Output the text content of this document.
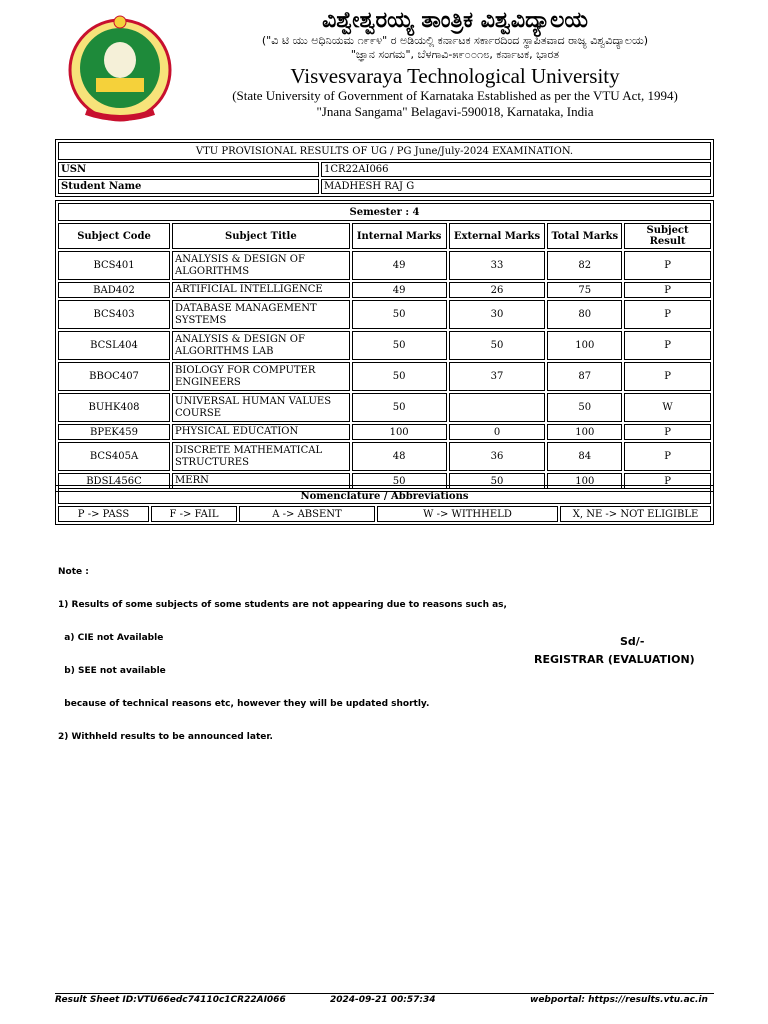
ವಿಶ್ವೇಶ್ವರಯ್ಯ ತಾಂತ್ರಿಕ ವಿಶ್ವವಿದ್ಯಾಲಯ
("ವಿ ಟಿ ಯು ಅಧಿನಿಯಮ ೧೯೯೪" ರ ಅಡಿಯಲ್ಲಿ ಕರ್ನಾಟಕ ಸರ್ಕಾರದಿಂದ ಸ್ಥಾಪಿತವಾದ ರಾಜ್ಯ ವಿಶ್ವವಿದ್ಯಾಲಯ)
"ಜ್ಞಾನ ಸಂಗಮ", ಬೆಳಗಾವಿ-೫೯೦೦೧೮, ಕರ್ನಾಟಕ, ಭಾರತ
Visvesvaraya Technological University
(State University of Government of Karnataka Established as per the VTU Act, 1994)
"Jnana Sangama" Belagavi-590018, Karnataka, India
VTU PROVISIONAL RESULTS OF UG / PG June/July-2024 EXAMINATION.	
USN	1CR22AI066
Student Name	MADHESH RAJ G
Semester : 4					
Subject Code	Subject Title	Internal Marks	External Marks	Total Marks	Subject Result
BCS401	ANALYSIS & DESIGN OF ALGORITHMS	49	33	82	P
BAD402	ARTIFICIAL INTELLIGENCE	49	26	75	P
BCS403	DATABASE MANAGEMENT SYSTEMS	50	30	80	P
BCSL404	ANALYSIS & DESIGN OF ALGORITHMS LAB	50	50	100	P
BBOC407	BIOLOGY FOR COMPUTER ENGINEERS	50	37	87	P
BUHK408	UNIVERSAL HUMAN VALUES COURSE	50		50	W
BPEK459	PHYSICAL EDUCATION	100	0	100	P
BCS405A	DISCRETE MATHEMATICAL STRUCTURES	48	36	84	P
BDSL456C	MERN	50	50	100	P
Nomenclature / Abbreviations
P -> PASS	F -> FAIL	A -> ABSENT	W -> WITHHELD	X, NE -> NOT ELIGIBLE

Note :

1) Results of some subjects of some students are not appearing due to reasons such as,

a) CIE not Available

b) SEE not available

because of technical reasons etc, however they will be updated shortly.

2) Withheld results to be announced later.

Sd/-
REGISTRAR (EVALUATION)
Result Sheet ID:VTU66edc74110c1CR22AI066	2024-09-21 00:57:34	webportal: https://results.vtu.ac.in
